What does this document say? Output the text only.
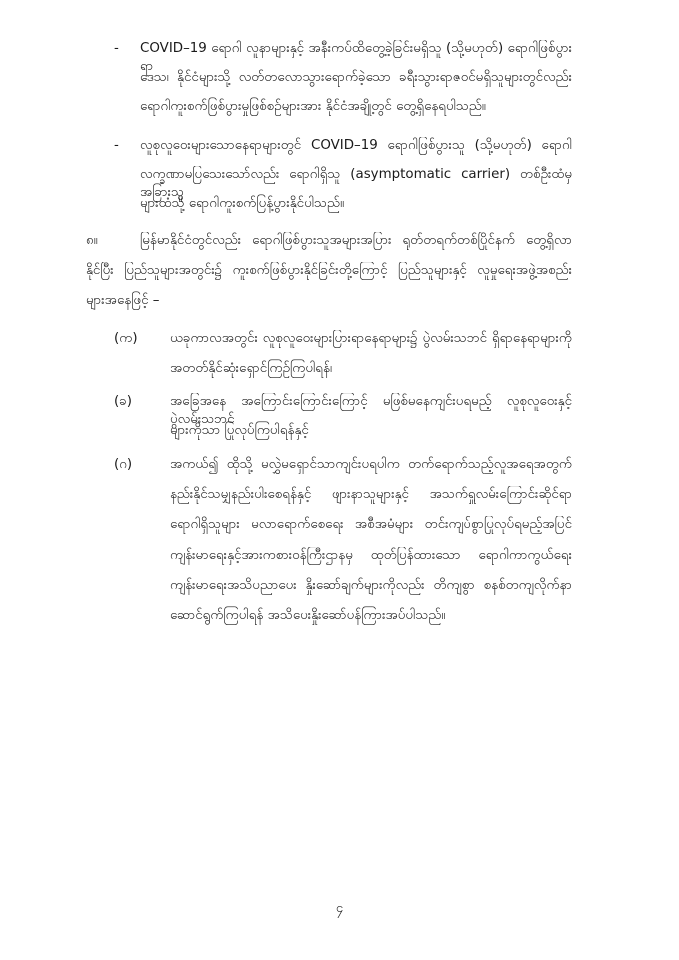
- COVID–19 ရောဂါ လူနာများနှင့် အနီးကပ်ထိတွေ့ခဲ့ခြင်းမရှိသူ (သို့မဟုတ်) ရောဂါဖြစ်ပွားရာ
ဒေသ၊ နိုင်ငံများသို့ လတ်တလောသွားရောက်ခဲ့သော ခရီးသွားရာဇဝင်မရှိသူများတွင်လည်း
ရောဂါကူးစက်ဖြစ်ပွားမှုဖြစ်စဉ်များအား နိုင်ငံအချို့တွင် တွေ့ရှိနေရပါသည်။
- လူစုလူဝေးများသောနေရာများတွင် COVID–19 ရောဂါဖြစ်ပွားသူ (သို့မဟုတ်) ရောဂါ
လက္ခဏာမပြသေးသော်လည်း ရောဂါရှိသူ (asymptomatic carrier) တစ်ဦးထံမှ အခြားသူ
များထံသို့ ရောဂါကူးစက်ပြန့်ပွားနိုင်ပါသည်။
၈။	မြန်မာနိုင်ငံတွင်လည်း ရောဂါဖြစ်ပွားသူအများအပြား ရုတ်တရက်တစ်ပြိုင်နက် တွေ့ရှိလာ
နိုင်ပြီး ပြည်သူများအတွင်း၌ ကူးစက်ဖြစ်ပွားနိုင်ခြင်းတို့ကြောင့် ပြည်သူများနှင့် လူမှုရေးအဖွဲ့အစည်း
များအနေဖြင့် –
(က) ယခုကာလအတွင်း လူစုလူဝေးများပြားရာနေရာများ၌ ပွဲလမ်းသဘင် ရှိရာနေရာများကို
အတတ်နိုင်ဆုံးရှောင်ကြဉ်ကြပါရန်၊
(ခ)	အခြေအနေ အကြောင်းကြောင်းကြောင့် မဖြစ်မနေကျင်းပရမည့် လူစုလူဝေးနှင့် ပွဲလမ်းသဘင်
များကိုသာ ပြုလုပ်ကြပါရန်နှင့်
(ဂ)	အကယ်၍ ထိုသို့ မလွှဲမရှောင်သာကျင်းပရပါက တက်ရောက်သည့်လူအရေအတွက်
နည်းနိုင်သမျှနည်းပါးစေရန်နှင့် ဖျားနာသူများနှင့် အသက်ရှူလမ်းကြောင်းဆိုင်ရာ
ရောဂါရှိသူများ မလာရောက်စေရေး အစီအမံများ တင်းကျပ်စွာပြုလုပ်ရမည့်အပြင်
ကျန်းမာရေးနှင့်အားကစားဝန်ကြီးဌာနမှ ထုတ်ပြန်ထားသော ရောဂါကာကွယ်ရေး
ကျန်းမာရေးအသိပညာပေး နှိုးဆော်ချက်များကိုလည်း တိကျစွာ စနစ်တကျလိုက်နာ
ဆောင်ရွက်ကြပါရန် အသိပေးနှိုးဆော်ပန်ကြားအပ်ပါသည်။
၄
